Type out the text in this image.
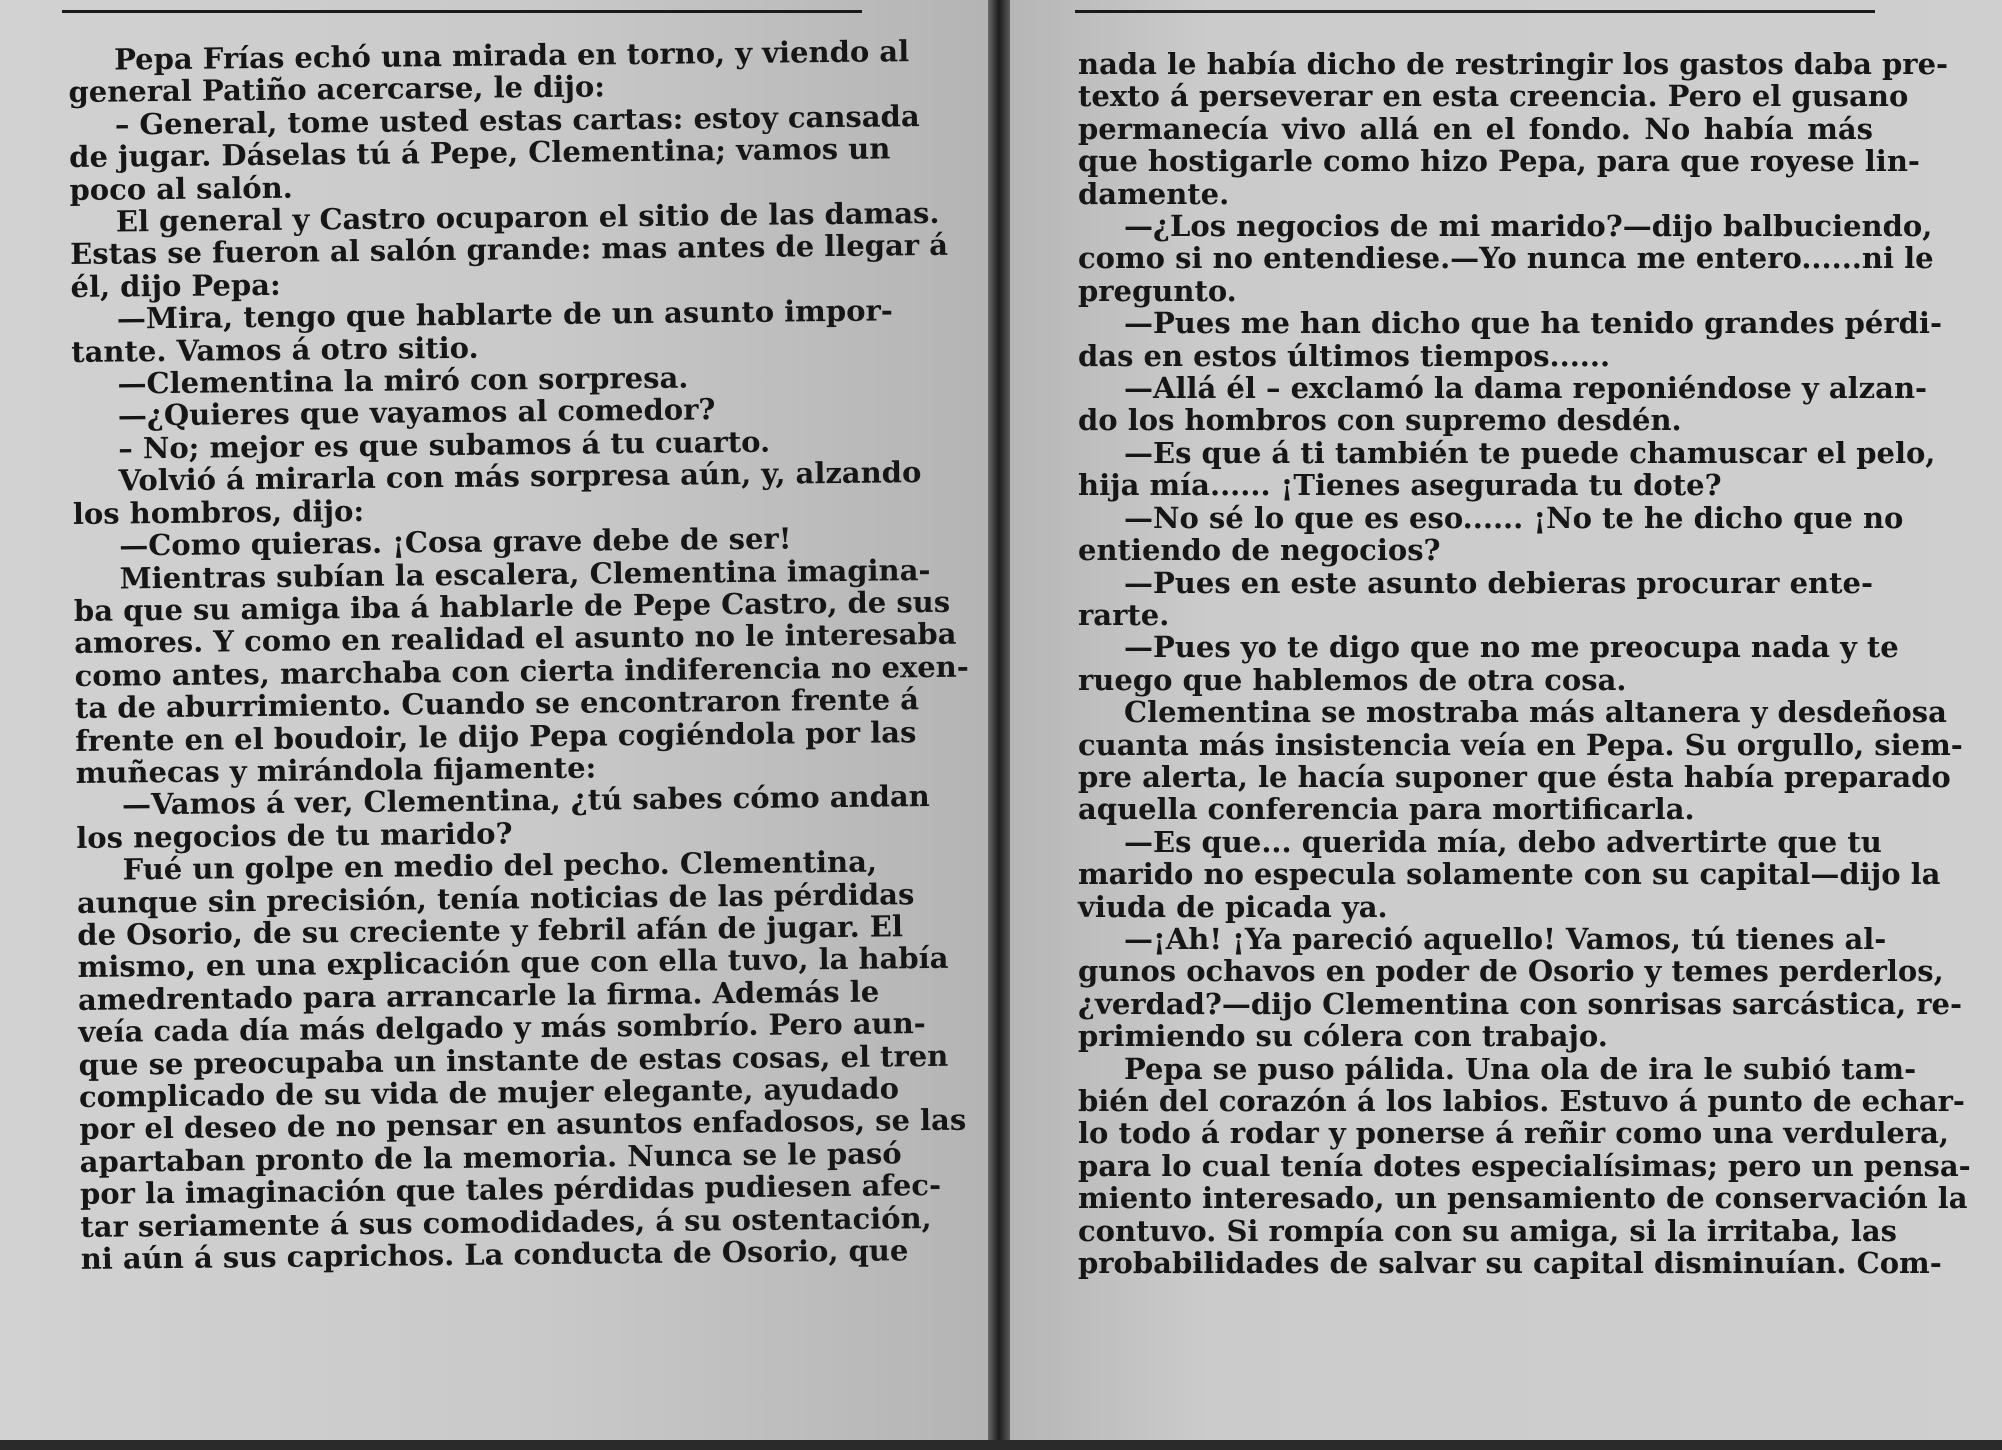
Pepa Frías echó una mirada en torno, y viendo al
general Patiño acercarse, le dijo:
– General, tome usted estas cartas: estoy cansada
de jugar. Dáselas tú á Pepe, Clementina; vamos un
poco al salón.
El general y Castro ocuparon el sitio de las damas.
Estas se fueron al salón grande: mas antes de llegar á
él, dijo Pepa:
—Mira, tengo que hablarte de un asunto impor-
tante. Vamos á otro sitio.
—Clementina la miró con sorpresa.
—¿Quieres que vayamos al comedor?
– No; mejor es que subamos á tu cuarto.
Volvió á mirarla con más sorpresa aún, y, alzando
los hombros, dijo:
—Como quieras. ¡Cosa grave debe de ser!
Mientras subían la escalera, Clementina imagina-
ba que su amiga iba á hablarle de Pepe Castro, de sus
amores. Y como en realidad el asunto no le interesaba
como antes, marchaba con cierta indiferencia no exen-
ta de aburrimiento. Cuando se encontraron frente á
frente en el boudoir, le dijo Pepa cogiéndola por las
muñecas y mirándola fijamente:
—Vamos á ver, Clementina, ¿tú sabes cómo andan
los negocios de tu marido?
Fué un golpe en medio del pecho. Clementina,
aunque sin precisión, tenía noticias de las pérdidas
de Osorio, de su creciente y febril afán de jugar. El
mismo, en una explicación que con ella tuvo, la había
amedrentado para arrancarle la firma. Además le
veía cada día más delgado y más sombrío. Pero aun-
que se preocupaba un instante de estas cosas, el tren
complicado de su vida de mujer elegante, ayudado
por el deseo de no pensar en asuntos enfadosos, se las
apartaban pronto de la memoria. Nunca se le pasó
por la imaginación que tales pérdidas pudiesen afec-
tar seriamente á sus comodidades, á su ostentación,
ni aún á sus caprichos. La conducta de Osorio, que
nada le había dicho de restringir los gastos daba pre-
texto á perseverar en esta creencia. Pero el gusano
permanecía vivo allá en el fondo. No había más
que hostigarle como hizo Pepa, para que royese lin-
damente.
—¿Los negocios de mi marido?—dijo balbuciendo,
como si no entendiese.—Yo nunca me entero......ni le
pregunto.
—Pues me han dicho que ha tenido grandes pérdi-
das en estos últimos tiempos......
—Allá él – exclamó la dama reponiéndose y alzan-
do los hombros con supremo desdén.
—Es que á ti también te puede chamuscar el pelo,
hija mía...... ¡Tienes asegurada tu dote?
—No sé lo que es eso...... ¡No te he dicho que no
entiendo de negocios?
—Pues en este asunto debieras procurar ente-
rarte.
—Pues yo te digo que no me preocupa nada y te
ruego que hablemos de otra cosa.
Clementina se mostraba más altanera y desdeñosa
cuanta más insistencia veía en Pepa. Su orgullo, siem-
pre alerta, le hacía suponer que ésta había preparado
aquella conferencia para mortificarla.
—Es que... querida mía, debo advertirte que tu
marido no especula solamente con su capital—dijo la
viuda de picada ya.
—¡Ah! ¡Ya pareció aquello! Vamos, tú tienes al-
gunos ochavos en poder de Osorio y temes perderlos,
¿verdad?—dijo Clementina con sonrisas sarcástica, re-
primiendo su cólera con trabajo.
Pepa se puso pálida. Una ola de ira le subió tam-
bién del corazón á los labios. Estuvo á punto de echar-
lo todo á rodar y ponerse á reñir como una verdulera,
para lo cual tenía dotes especialísimas; pero un pensa-
miento interesado, un pensamiento de conservación la
contuvo. Si rompía con su amiga, si la irritaba, las
probabilidades de salvar su capital disminuían. Com-
